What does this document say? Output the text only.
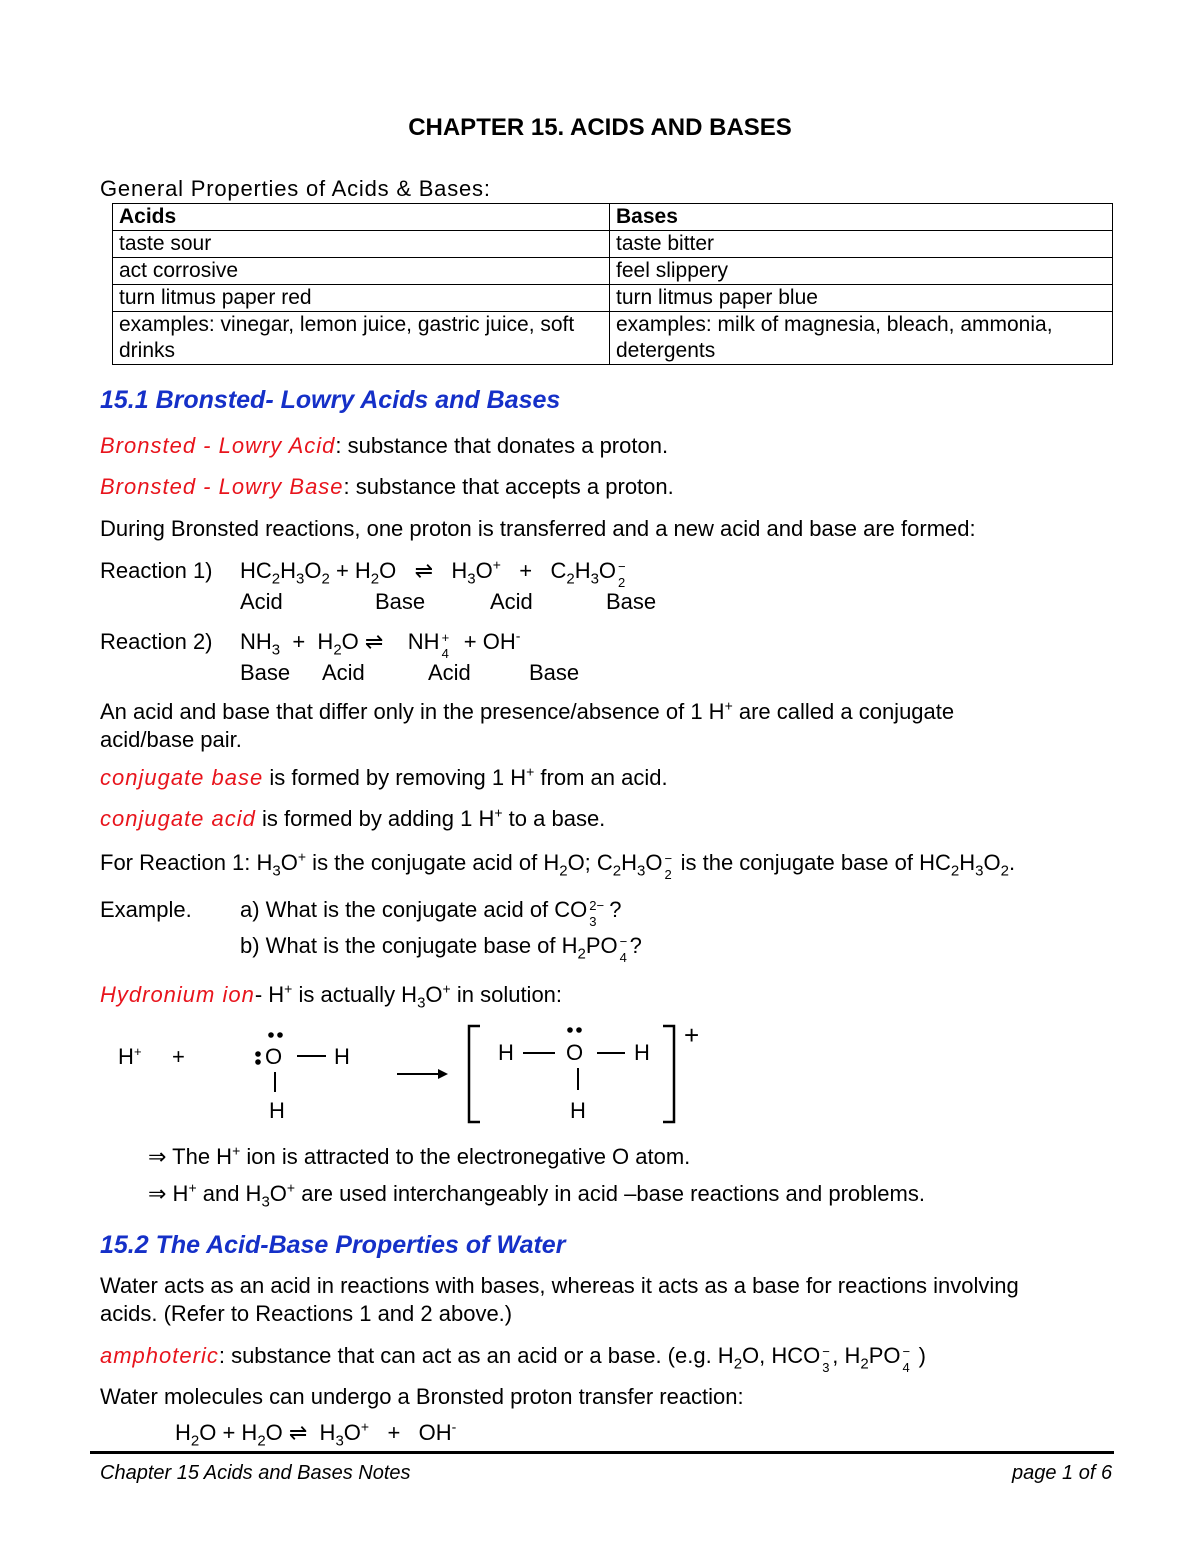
CHAPTER 15. ACIDS AND BASES
General Properties of Acids & Bases:
Acids	Bases
taste sour	taste bitter
act corrosive	feel slippery
turn litmus paper red	turn litmus paper blue
examples: vinegar, lemon juice, gastric juice, soft drinks	examples: milk of magnesia, bleach, ammonia, detergents
15.1 Bronsted- Lowry Acids and Bases
Bronsted - Lowry Acid: substance that donates a proton.
Bronsted - Lowry Base: substance that accepts a proton.
During Bronsted reactions, one proton is transferred and a new acid and base are formed:
Reaction 1) $HC_2H_3O_2 + H_2O$   ⇌   $H_3O^+ + C_2H_3O$ −
2
Acid	Base	Acid	Base
Reaction 2) $NH_3 + H_2O$ ⇌    NH +
4 + OH-
Base Acid	Acid	Base
An acid and base that differ only in the presence/absence of 1 H+ are called a conjugate
acid/base pair.
conjugate base is formed by removing 1 H+ from an acid.
conjugate acid is formed by adding 1 H+ to a base.
For Reaction 1: $H_3O^+$ is the conjugate acid of $H_2O$; $C_2H_3O$ −
2 is the conjugate base of $HC_2H_3O_2$.
Example. a) What is the conjugate acid of CO 2−
3 ?
b) What is the conjugate base of $H_2PO$ −
4 ?
Hydronium ion- H+ is actually $H_3O^+$ in solution:
H + +	O H
H
H O H
H
+
⇒ The H+ ion is attracted to the electronegative O atom.
⇒ H+ and $H_3O^+$ are used interchangeably in acid –base reactions and problems.
15.2 The Acid-Base Properties of Water
Water acts as an acid in reactions with bases, whereas it acts as a base for reactions involving
acids. (Refer to Reactions 1 and 2 above.)
amphoteric: substance that can act as an acid or a base. (e.g. $H_2O$, HCO −
3 , $H_2PO$ −
4 )
Water molecules can undergo a Bronsted proton transfer reaction:
$H_2O + H_2O$ ⇌  $H_3O^+ + OH^-$
Chapter 15 Acids and Bases Notes	page 1 of 6
